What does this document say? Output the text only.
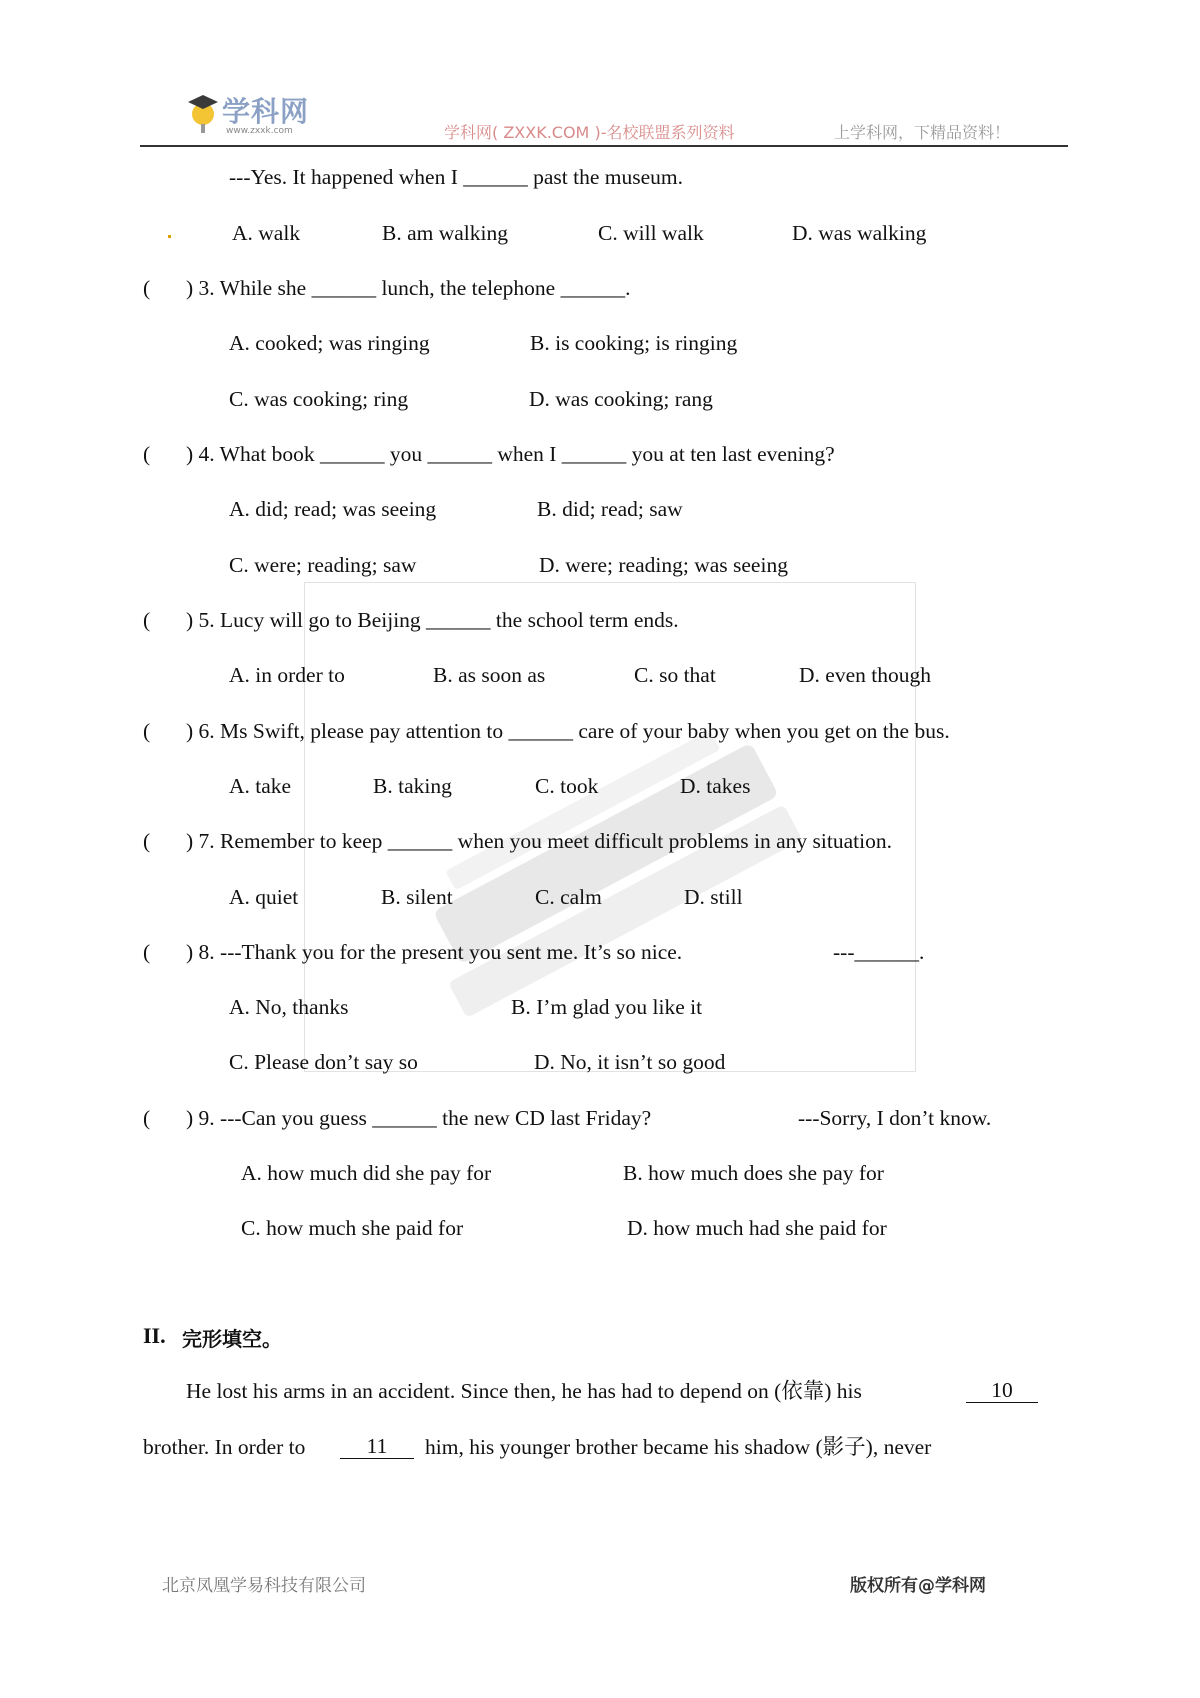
学科网
www.zxxk.com	学科网( ZXXK.COM )-名校联盟系列资料	上学科网，下精品资料！
---Yes. It happened when I ______ past the museum.
A. walk	B. am walking	C. will walk	D. was walking
( ) 3. While she ______ lunch, the telephone ______.
A. cooked; was ringing	B. is cooking; is ringing
C. was cooking; ring	D. was cooking; rang
( ) 4. What book ______ you ______ when I ______ you at ten last evening?
A. did; read; was seeing	B. did; read; saw
C. were; reading; saw	D. were; reading; was seeing
( ) 5. Lucy will go to Beijing ______ the school term ends.
A. in order to	B. as soon as	C. so that	D. even though
( ) 6. Ms Swift, please pay attention to ______ care of your baby when you get on the bus.
A. take	B. taking	C. took	D. takes
( ) 7. Remember to keep ______ when you meet difficult problems in any situation.
A. quiet	B. silent	C. calm	D. still
( ) 8. ---Thank you for the present you sent me. It’s so nice.	---______.
A. No, thanks	B. I’m glad you like it
C. Please don’t say so	D. No, it isn’t so good
( ) 9. ---Can you guess ______ the new CD last Friday?	---Sorry, I don’t know.
A. how much did she pay for	B. how much does she pay for
C. how much she paid for	D. how much had she paid for
II. 完形填空。
He lost his arms in an accident. Since then, he has had to depend on (依靠) his	10
brother. In order to	11	him, his younger brother became his shadow (影子), never
北京凤凰学易科技有限公司	版权所有@学科网
